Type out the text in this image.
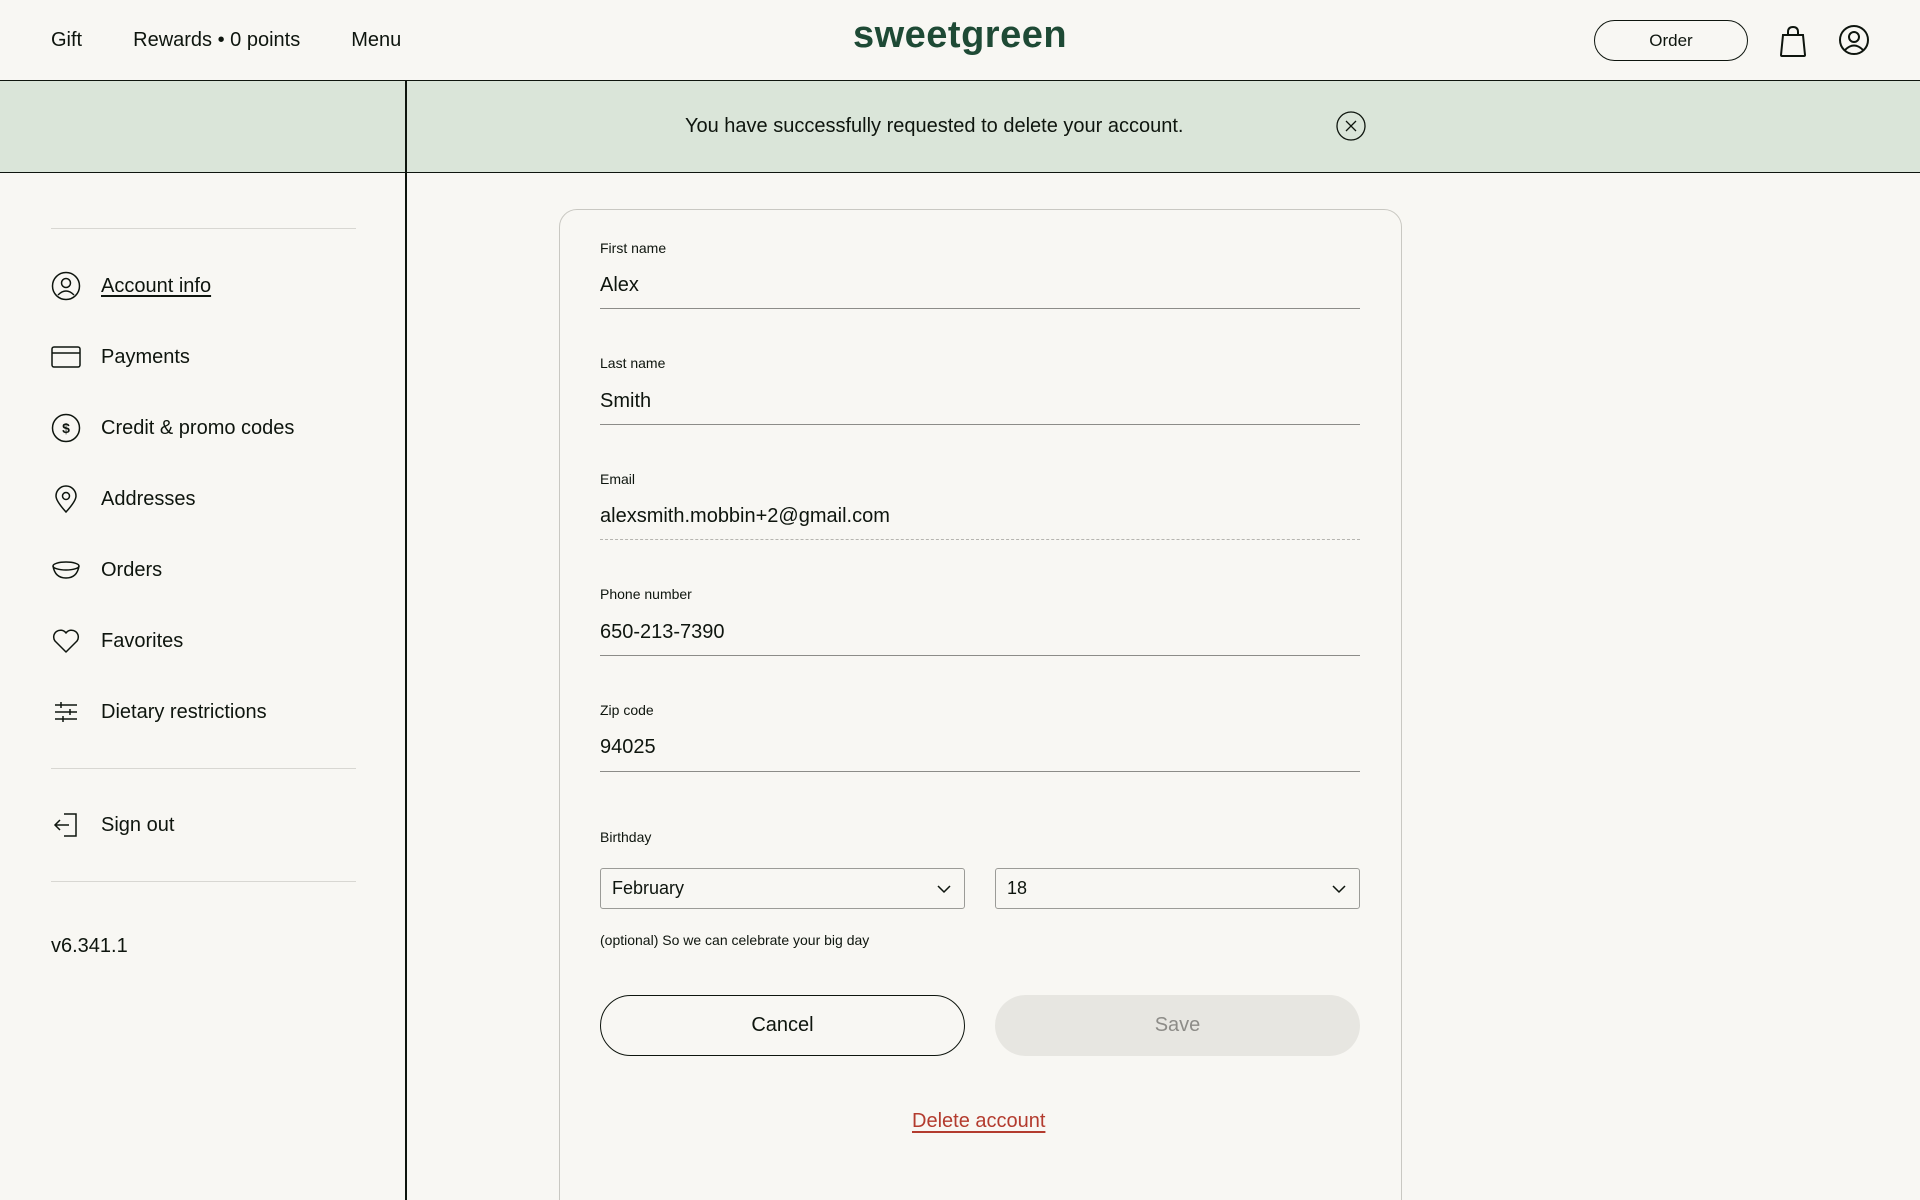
Gift	Rewards • 0 points	Menu	sweetgreen	Order
You have successfully requested to delete your account.
Account info
Payments
$ Credit & promo codes
Addresses
Orders
Favorites
Dietary restrictions
Sign out
v6.341.1
First name
Alex
Last name
Smith
Email
alexsmith.mobbin+2@gmail.com
Phone number
650-213-7390
Zip code
94025
Birthday
February	18
(optional) So we can celebrate your big day
Cancel	Save
Delete account
